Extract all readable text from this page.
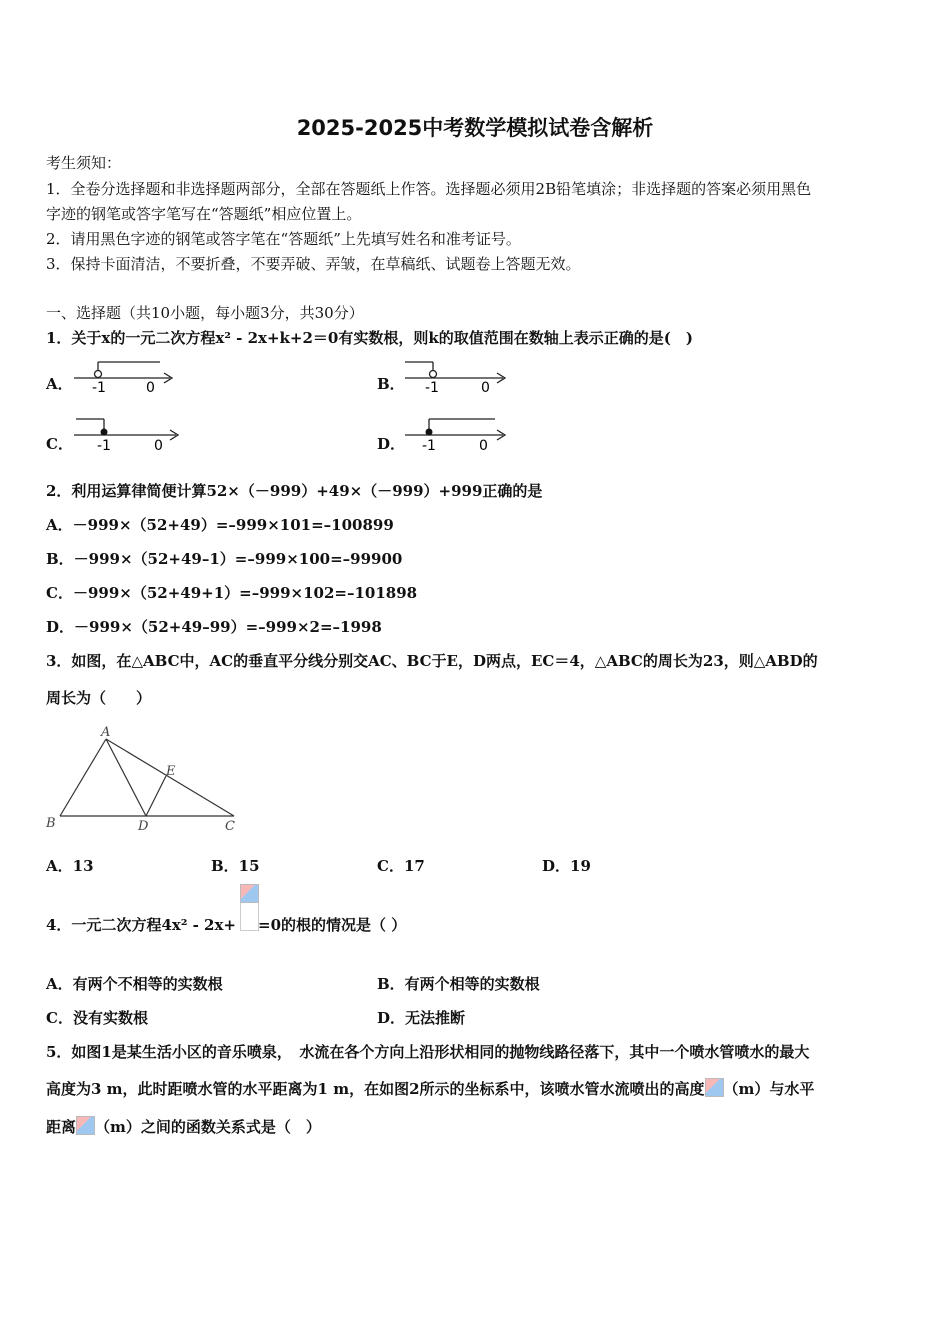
2025-2025中考数学模拟试卷含解析
考生须知：
1．全卷分选择题和非选择题两部分，全部在答题纸上作答。选择题必须用2B铅笔填涂；非选择题的答案必须用黑色
字迹的钢笔或答字笔写在“答题纸”相应位置上。
2．请用黑色字迹的钢笔或答字笔在“答题纸”上先填写姓名和准考证号。
3．保持卡面清洁，不要折叠，不要弄破、弄皱，在草稿纸、试题卷上答题无效。
一、选择题（共10小题，每小题3分，共30分）
1．关于x的一元二次方程x² - 2x+k+2＝0有实数根，则k的取值范围在数轴上表示正确的是(　)
A． -1	0	B． -1	0
C． -1	0	D． -1	0
2．利用运算律简便计算52×（－999）+49×（－999）+999正确的是
A．－999×（52+49）=–999×101=–100899
B．－999×（52+49–1）=–999×100=–99900
C．－999×（52+49+1）=–999×102=–101898
D．－999×（52+49–99）=–999×2=–1998
3．如图，在△ABC中，AC的垂直平分线分别交AC、BC于E，D两点，EC＝4，△ABC的周长为23，则△ABD的
周长为（　　）
A
B	C
D
E
A．13	B．15	C．17	D．19
4．一元二次方程4x² - 2x+ =0的根的情况是（ ）
A．有两个不相等的实数根	B．有两个相等的实数根
C．没有实数根	D．无法推断
5．如图1是某生活小区的音乐喷泉，　水流在各个方向上沿形状相同的抛物线路径落下，其中一个喷水管喷水的最大
高度为3 m，此时距喷水管的水平距离为1 m，在如图2所示的坐标系中，该喷水管水流喷出的高度 （m）与水平
距离 （m）之间的函数关系式是（　）
